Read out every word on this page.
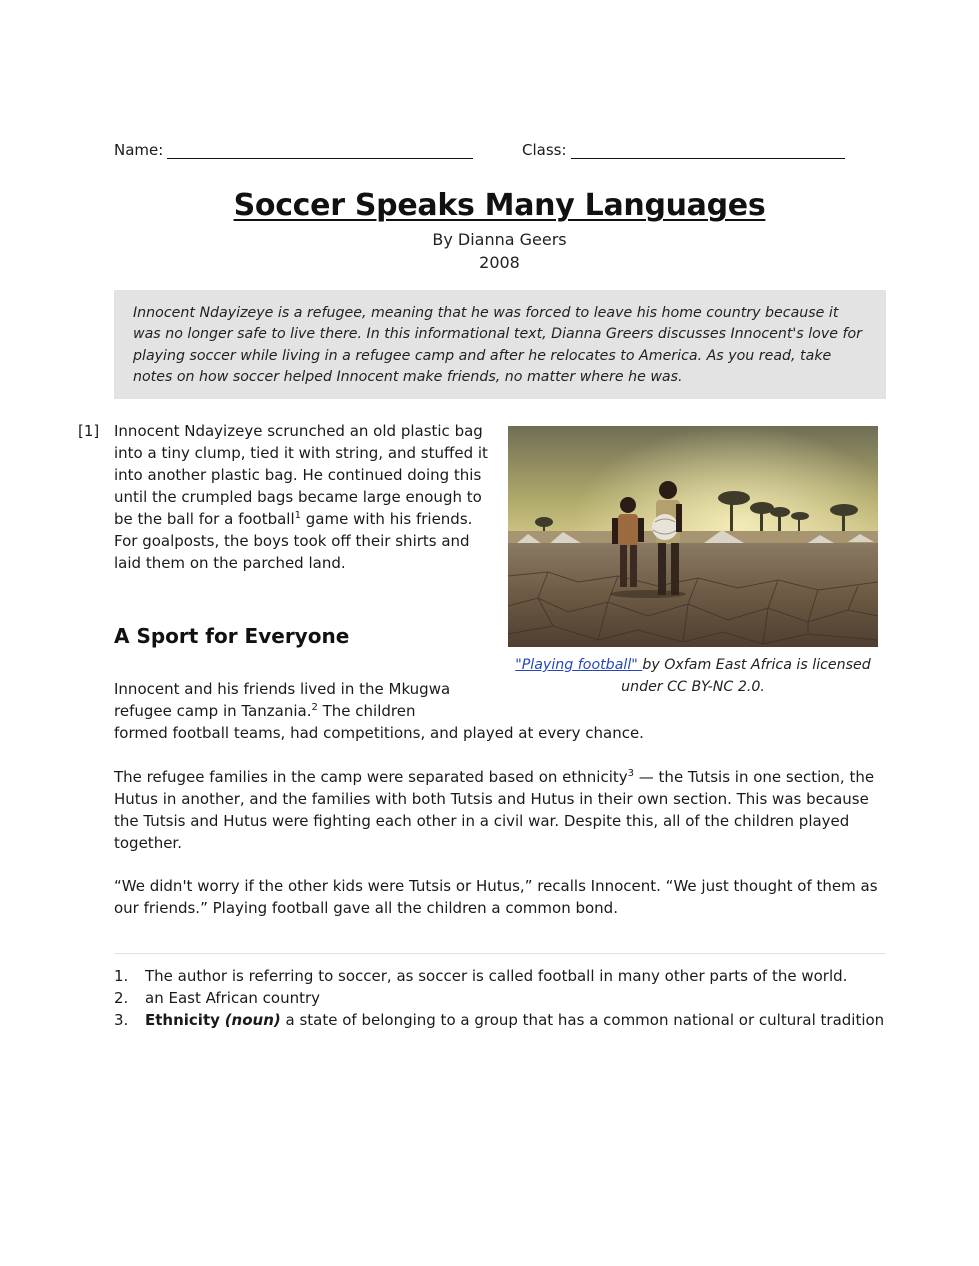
Name:	Class:
Soccer Speaks Many Languages
By Dianna Geers
2008
Innocent Ndayizeye is a refugee, meaning that he was forced to leave his home country because it was no longer safe to live there. In this informational text, Dianna Greers discusses Innocent's love for playing soccer while living in a refugee camp and after he relocates to America. As you read, take notes on how soccer helped Innocent make friends, no matter where he was.
[1] Innocent Ndayizeye scrunched an old plastic bag into a tiny clump, tied it with string, and stuffed it into another plastic bag. He continued doing this until the crumpled bags became large enough to be the ball for a football$^1$ game with his friends. For goalposts, the boys took off their shirts and laid them on the parched land.
"Playing football" by Oxfam East Africa is licensed under CC BY-NC 2.0.
A Sport for Everyone
Innocent and his friends lived in the Mkugwa refugee camp in Tanzania.$^2$ The children
formed football teams, had competitions, and played at every chance.
The refugee families in the camp were separated based on ethnicity$^3$ — the Tutsis in one section, the Hutus in another, and the families with both Tutsis and Hutus in their own section. This was because the Tutsis and Hutus were fighting each other in a civil war. Despite this, all of the children played together.
“We didn't worry if the other kids were Tutsis or Hutus,” recalls Innocent. “We just thought of them as our friends.” Playing football gave all the children a common bond.
1. The author is referring to soccer, as soccer is called football in many other parts of the world.
2. an East African country
3. Ethnicity (noun) a state of belonging to a group that has a common national or cultural tradition
